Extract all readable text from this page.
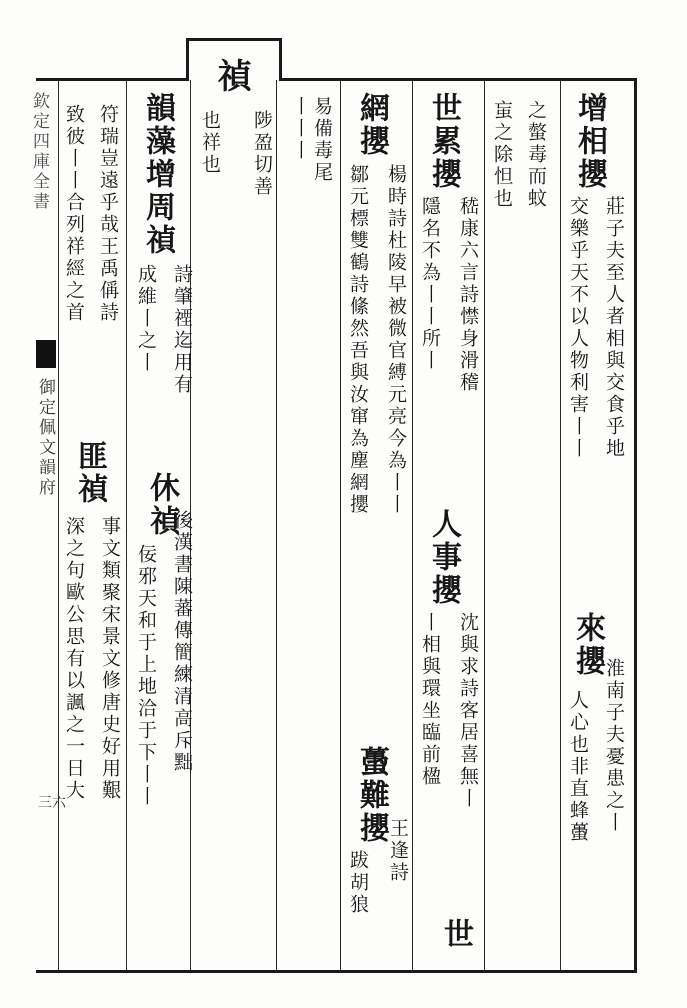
欽定四庫全書
御定佩文韻府
三六
禎
陟盈切善
也祥也	增相攖
莊子夫至人者相與交食乎地
交樂乎天不以人物利害丨丨
來攖
淮南子夫憂患之丨
人心也非直蜂蠆
之螫毒而蚊
䖟之除怛也
世累攖
嵇康六言詩㦗身滑稽
隱名不為丨丨所丨
人事攖
沈與求詩客居喜無丨
丨相與環坐臨前楹
世
網攖
楊時詩杜陵早被微官縛元亮今為丨丨
鄒元標雙鶴詩絛然吾與汝窜為塵網攖
蠆難攖
王逢詩
跋胡狼
丨丨丨 易備毒尾
韻藻增周禎
詩肇禋迄用有
成維丨之丨
休禎
後漢書陳蕃傳簡練清高斥黜
佞邪天和于上地洽于下丨丨
符瑞豈遠乎哉王禹偁詩
匪禎
事文類聚宋景文修唐史好用艱
致彼丨丨合列祥經之首
深之句歐公思有以諷之一日大
